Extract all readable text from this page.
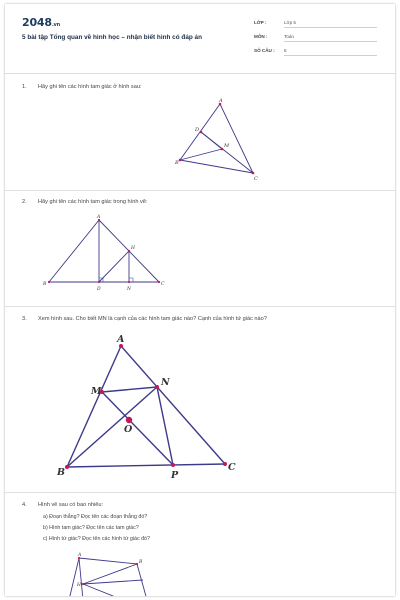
2048.vn
5 bài tập Tổng quan về hình học – nhận biết hình có đáp án
LỚP :	Lớp 5
MÔN :	Toán
SỐ CÂU : 5
1. Hãy ghi tên các hình tam giác ở hình sau:
A
D
M
B
C
2. Hãy ghi tên các hình tam giác trong hình vẽ:
A
H
B
D	N
C
3. Xem hình sau. Cho biết MN là cạnh của các hình tam giác nào? Cạnh của hình tứ giác nào?
A
M
N
O
B	P
C
4. Hình vẽ sau có bao nhiêu:
a) Đoạn thẳng? Đọc tên các đoạn thẳng đó?
b) Hình tam giác? Đọc tên các tam giác?
c) Hình tứ giác? Đọc tên các hình tứ giác đó?
A
B
H
